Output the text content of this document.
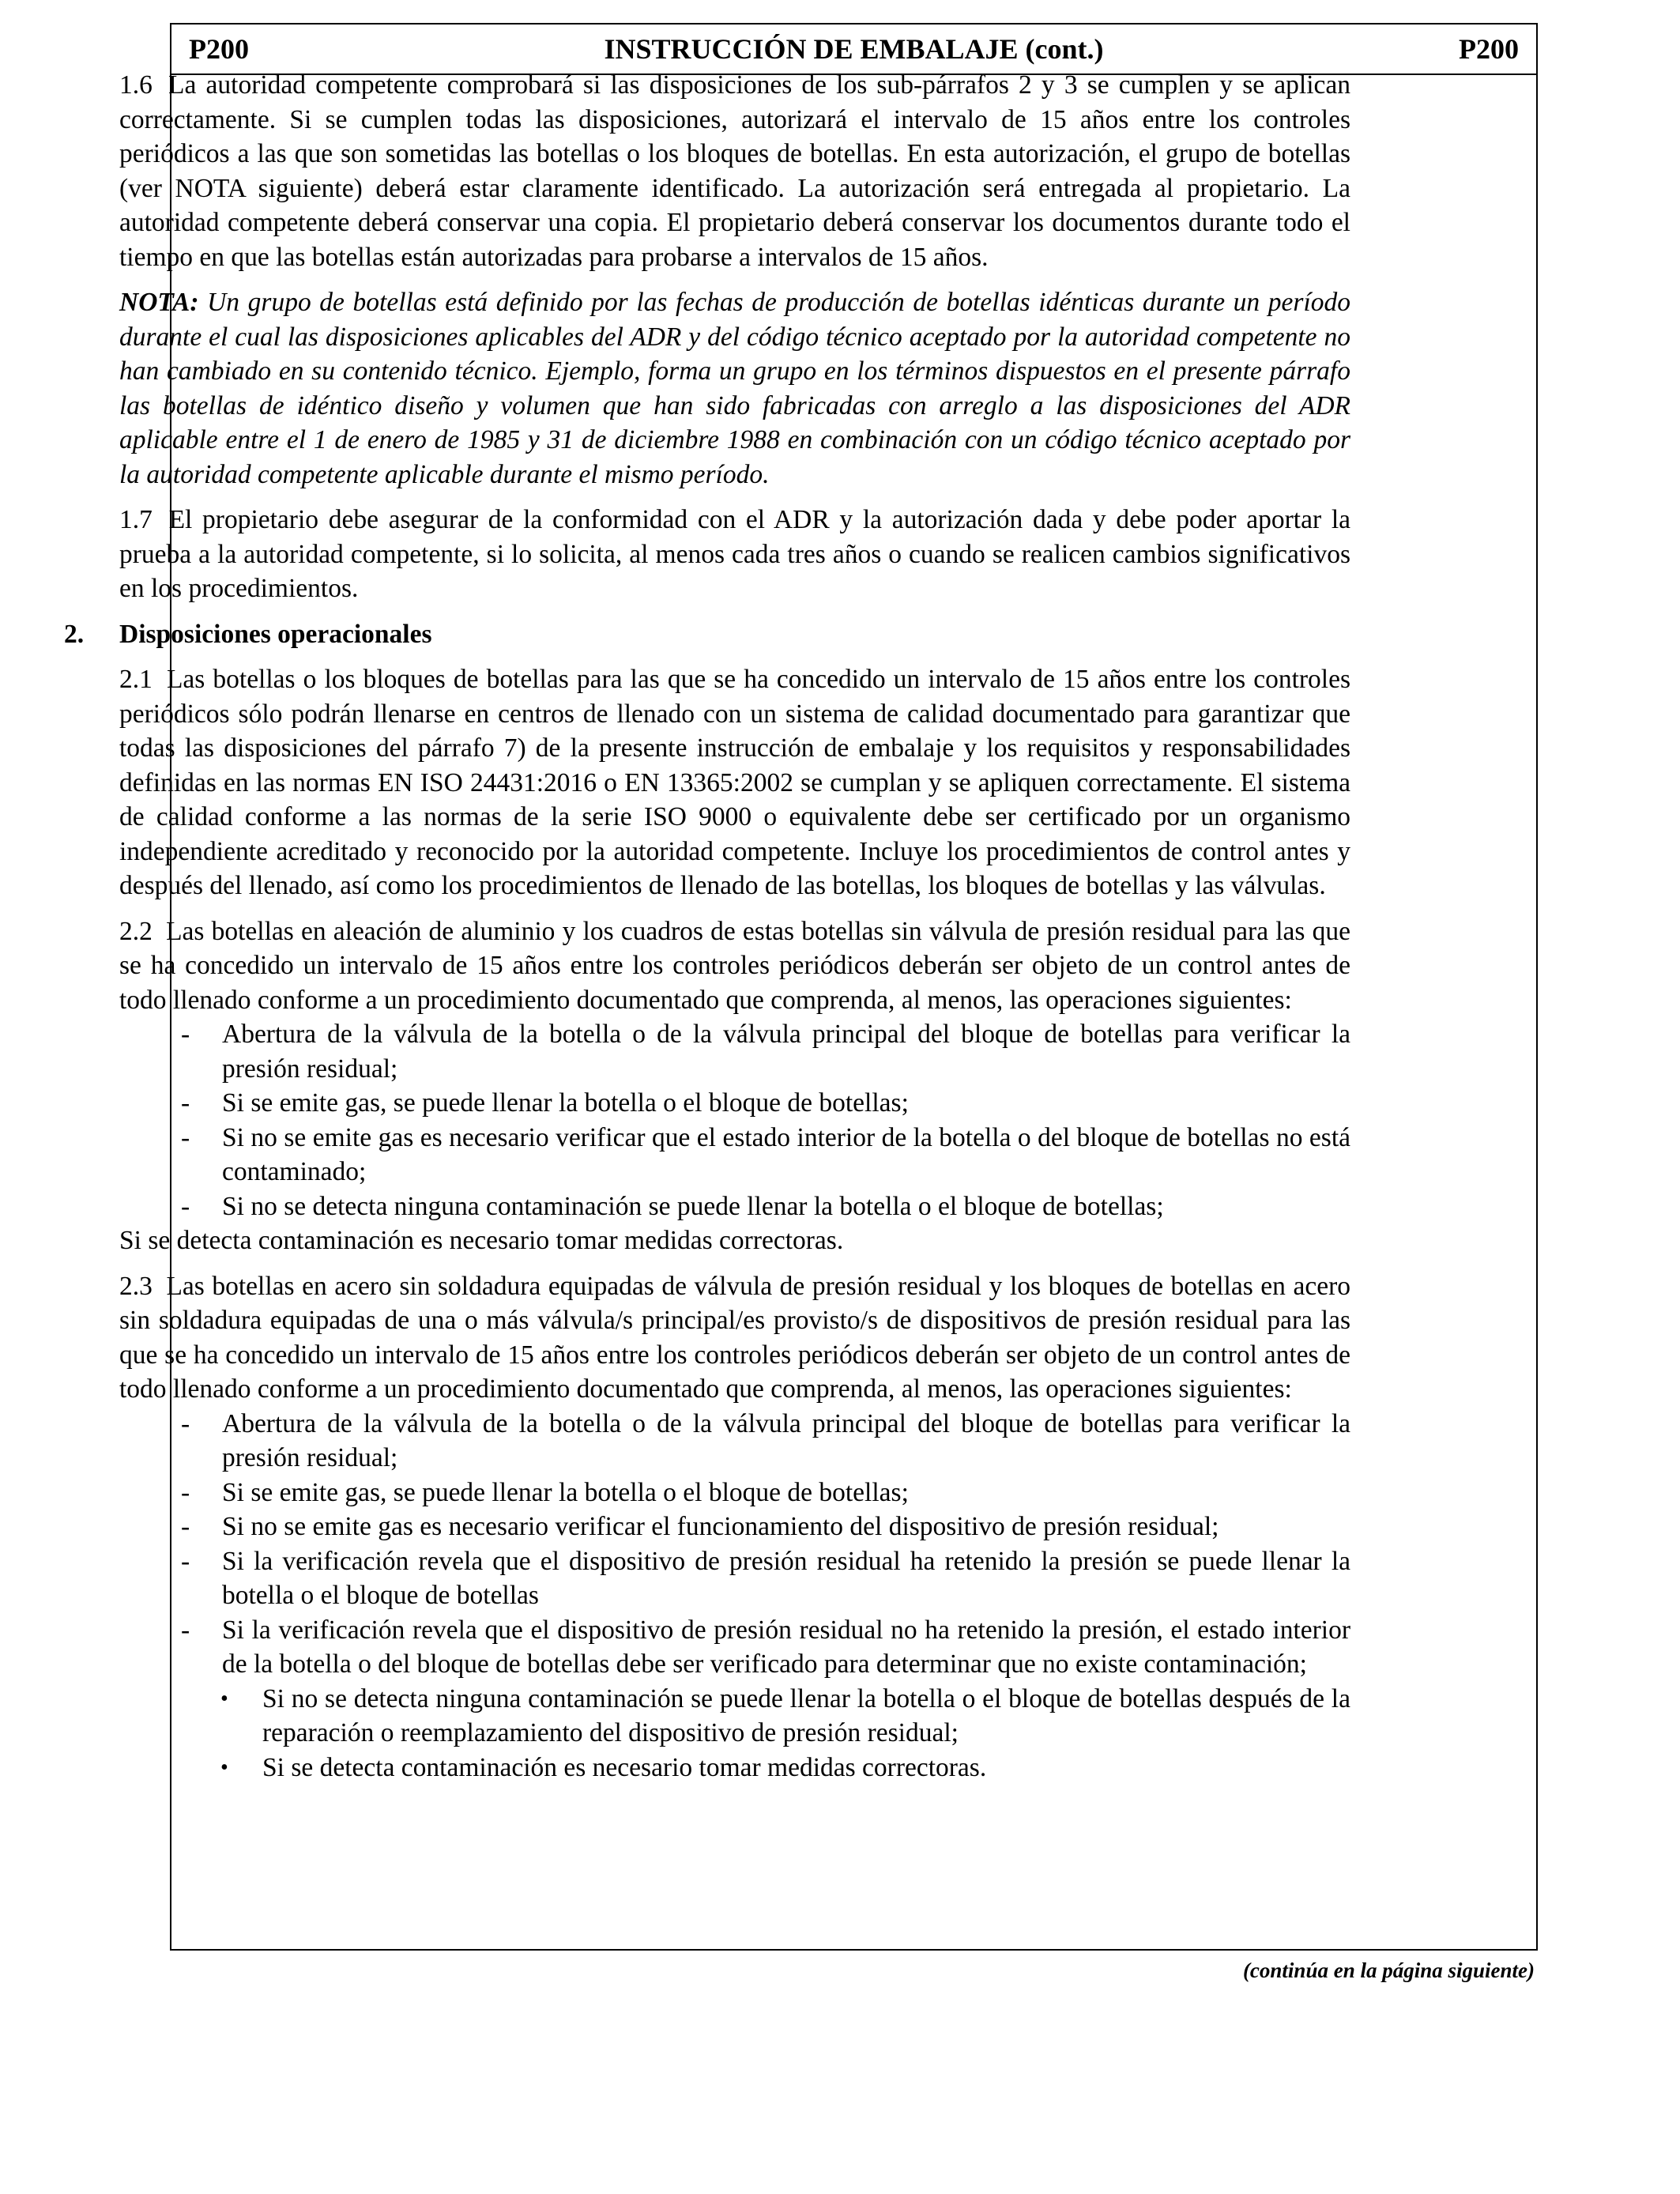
P200	INSTRUCCIÓN DE EMBALAJE (cont.)	P200

1.6 La autoridad competente comprobará si las disposiciones de los sub-párrafos 2 y 3 se cumplen y se aplican correctamente. Si se cumplen todas las disposiciones, autorizará el intervalo de 15 años entre los controles periódicos a las que son sometidas las botellas o los bloques de botellas. En esta autorización, el grupo de botellas (ver NOTA siguiente) deberá estar claramente identificado. La autorización será entregada al propietario. La autoridad competente deberá conservar una copia. El propietario deberá conservar los documentos durante todo el tiempo en que las botellas están autorizadas para probarse a intervalos de 15 años.

NOTA: Un grupo de botellas está definido por las fechas de producción de botellas idénticas durante un período durante el cual las disposiciones aplicables del ADR y del código técnico aceptado por la autoridad competente no han cambiado en su contenido técnico. Ejemplo, forma un grupo en los términos dispuestos en el presente párrafo las botellas de idéntico diseño y volumen que han sido fabricadas con arreglo a las disposiciones del ADR aplicable entre el 1 de enero de 1985 y 31 de diciembre 1988 en combinación con un código técnico aceptado por la autoridad competente aplicable durante el mismo período.

1.7 El propietario debe asegurar de la conformidad con el ADR y la autorización dada y debe poder aportar la prueba a la autoridad competente, si lo solicita, al menos cada tres años o cuando se realicen cambios significativos en los procedimientos.

2.	Disposiciones operacionales

2.1 Las botellas o los bloques de botellas para las que se ha concedido un intervalo de 15 años entre los controles periódicos sólo podrán llenarse en centros de llenado con un sistema de calidad documentado para garantizar que todas las disposiciones del párrafo 7) de la presente instrucción de embalaje y los requisitos y responsabilidades definidas en las normas EN ISO 24431:2016 o EN 13365:2002 se cumplan y se apliquen correctamente. El sistema de calidad conforme a las normas de la serie ISO 9000 o equivalente debe ser certificado por un organismo independiente acreditado y reconocido por la autoridad competente. Incluye los procedimientos de control antes y después del llenado, así como los procedimientos de llenado de las botellas, los bloques de botellas y las válvulas.

2.2 Las botellas en aleación de aluminio y los cuadros de estas botellas sin válvula de presión residual para las que se ha concedido un intervalo de 15 años entre los controles periódicos deberán ser objeto de un control antes de todo llenado conforme a un procedimiento documentado que comprenda, al menos, las operaciones siguientes:

- Abertura de la válvula de la botella o de la válvula principal del bloque de botellas para verificar la presión residual;
- Si se emite gas, se puede llenar la botella o el bloque de botellas;
- Si no se emite gas es necesario verificar que el estado interior de la botella o del bloque de botellas no está contaminado;
- Si no se detecta ninguna contaminación se puede llenar la botella o el bloque de botellas;

Si se detecta contaminación es necesario tomar medidas correctoras.

2.3 Las botellas en acero sin soldadura equipadas de válvula de presión residual y los bloques de botellas en acero sin soldadura equipadas de una o más válvula/s principal/es provisto/s de dispositivos de presión residual para las que se ha concedido un intervalo de 15 años entre los controles periódicos deberán ser objeto de un control antes de todo llenado conforme a un procedimiento documentado que comprenda, al menos, las operaciones siguientes:

- Abertura de la válvula de la botella o de la válvula principal del bloque de botellas para verificar la presión residual;
- Si se emite gas, se puede llenar la botella o el bloque de botellas;
- Si no se emite gas es necesario verificar el funcionamiento del dispositivo de presión residual;
- Si la verificación revela que el dispositivo de presión residual ha retenido la presión se puede llenar la botella o el bloque de botellas
- Si la verificación revela que el dispositivo de presión residual no ha retenido la presión, el estado interior de la botella o del bloque de botellas debe ser verificado para determinar que no existe contaminación;
• Si no se detecta ninguna contaminación se puede llenar la botella o el bloque de botellas después de la reparación o reemplazamiento del dispositivo de presión residual;
• Si se detecta contaminación es necesario tomar medidas correctoras.
(continúa en la página siguiente)
